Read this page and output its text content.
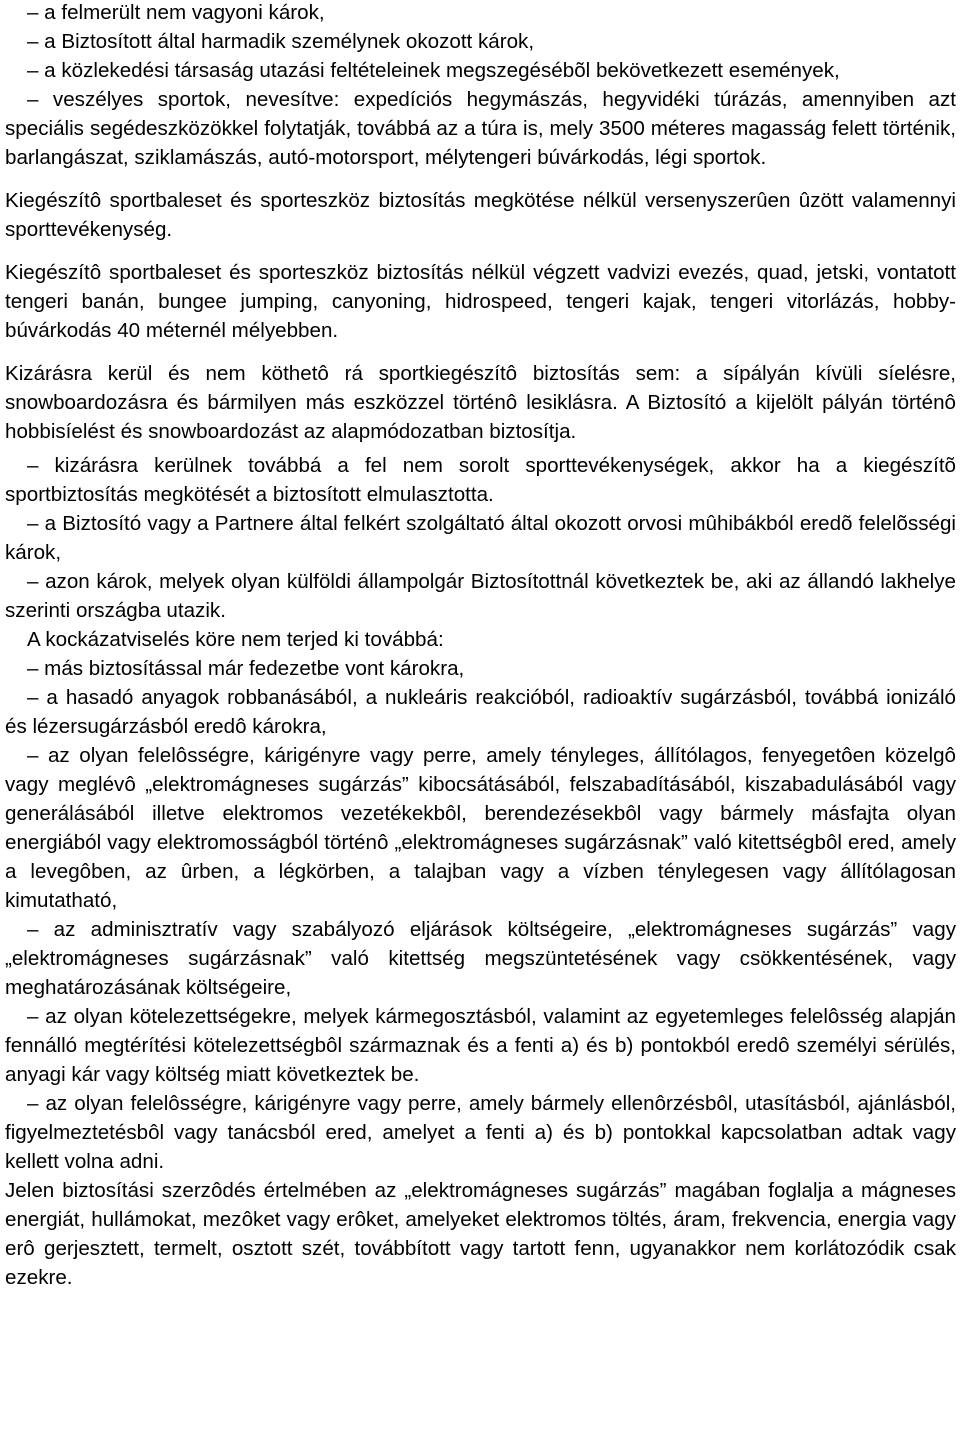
– a felmerült nem vagyoni károk,

– a Biztosított által harmadik személynek okozott károk,

– a közlekedési társaság utazási feltételeinek megszegésébõl bekövetkezett események,

– veszélyes sportok, nevesítve: expedíciós hegymászás, hegyvidéki túrázás, amennyiben azt speciális segédeszközökkel folytatják, továbbá az a túra is, mely 3500 méteres magasság felett történik, barlangászat, sziklamászás, autó-motorsport, mélytengeri búvárkodás, légi sportok.

Kiegészítô sportbaleset és sporteszköz biztosítás megkötése nélkül versenyszerûen ûzött valamennyi sporttevékenység.

Kiegészítô sportbaleset és sporteszköz biztosítás nélkül végzett vadvizi evezés, quad, jetski, vontatott tengeri banán, bungee jumping, canyoning, hidrospeed, tengeri kajak, tengeri vitorlázás, hobby-búvárkodás 40 méternél mélyebben.

Kizárásra kerül és nem köthetô rá sportkiegészítô biztosítás sem: a sípályán kívüli síelésre, snowboardozásra és bármilyen más eszközzel történô lesiklásra. A Biztosító a kijelölt pályán történô hobbisíelést és snowboardozást az alapmódozatban biztosítja.

– kizárásra kerülnek továbbá a fel nem sorolt sporttevékenységek, akkor ha a kiegészítõ sportbiztosítás megkötését a biztosított elmulasztotta.

– a Biztosító vagy a Partnere által felkért szolgáltató által okozott orvosi mûhibákból eredõ felelõsségi károk,

– azon károk, melyek olyan külföldi állampolgár Biztosítottnál következtek be, aki az állandó lakhelye szerinti országba utazik.

A kockázatviselés köre nem terjed ki továbbá:

– más biztosítással már fedezetbe vont károkra,

– a hasadó anyagok robbanásából, a nukleáris reakcióból, radioaktív sugárzásból, továbbá ionizáló és lézersugárzásból eredô károkra,

– az olyan felelôsségre, kárigényre vagy perre, amely tényleges, állítólagos, fenyegetôen közelgô vagy meglévô „elektromágneses sugárzás” kibocsátásából, felszabadításából, kiszabadulásából vagy generálásából illetve elektromos vezetékekbôl, berendezésekbôl vagy bármely másfajta olyan energiából vagy elektromosságból történô „elektromágneses sugárzásnak” való kitettségbôl ered, amely a levegôben, az ûrben, a légkörben, a talajban vagy a vízben ténylegesen vagy állítólagosan kimutatható,

– az adminisztratív vagy szabályozó eljárások költségeire, „elektromágneses sugárzás” vagy „elektromágneses sugárzásnak” való kitettség megszüntetésének vagy csökkentésének, vagy meghatározásának költségeire,

– az olyan kötelezettségekre, melyek kármegosztásból, valamint az egyetemleges felelôsség alapján fennálló megtérítési kötelezettségbôl származnak és a fenti a) és b) pontokból eredô személyi sérülés, anyagi kár vagy költség miatt következtek be.

– az olyan felelôsségre, kárigényre vagy perre, amely bármely ellenôrzésbôl, utasításból, ajánlásból, figyelmeztetésbôl vagy tanácsból ered, amelyet a fenti a) és b) pontokkal kapcsolatban adtak vagy kellett volna adni.

Jelen biztosítási szerzôdés értelmében az „elektromágneses sugárzás” magában foglalja a mágneses energiát, hullámokat, mezôket vagy erôket, amelyeket elektromos töltés, áram, frekvencia, energia vagy erô gerjesztett, termelt, osztott szét, továbbított vagy tartott fenn, ugyanakkor nem korlátozódik csak ezekre.
